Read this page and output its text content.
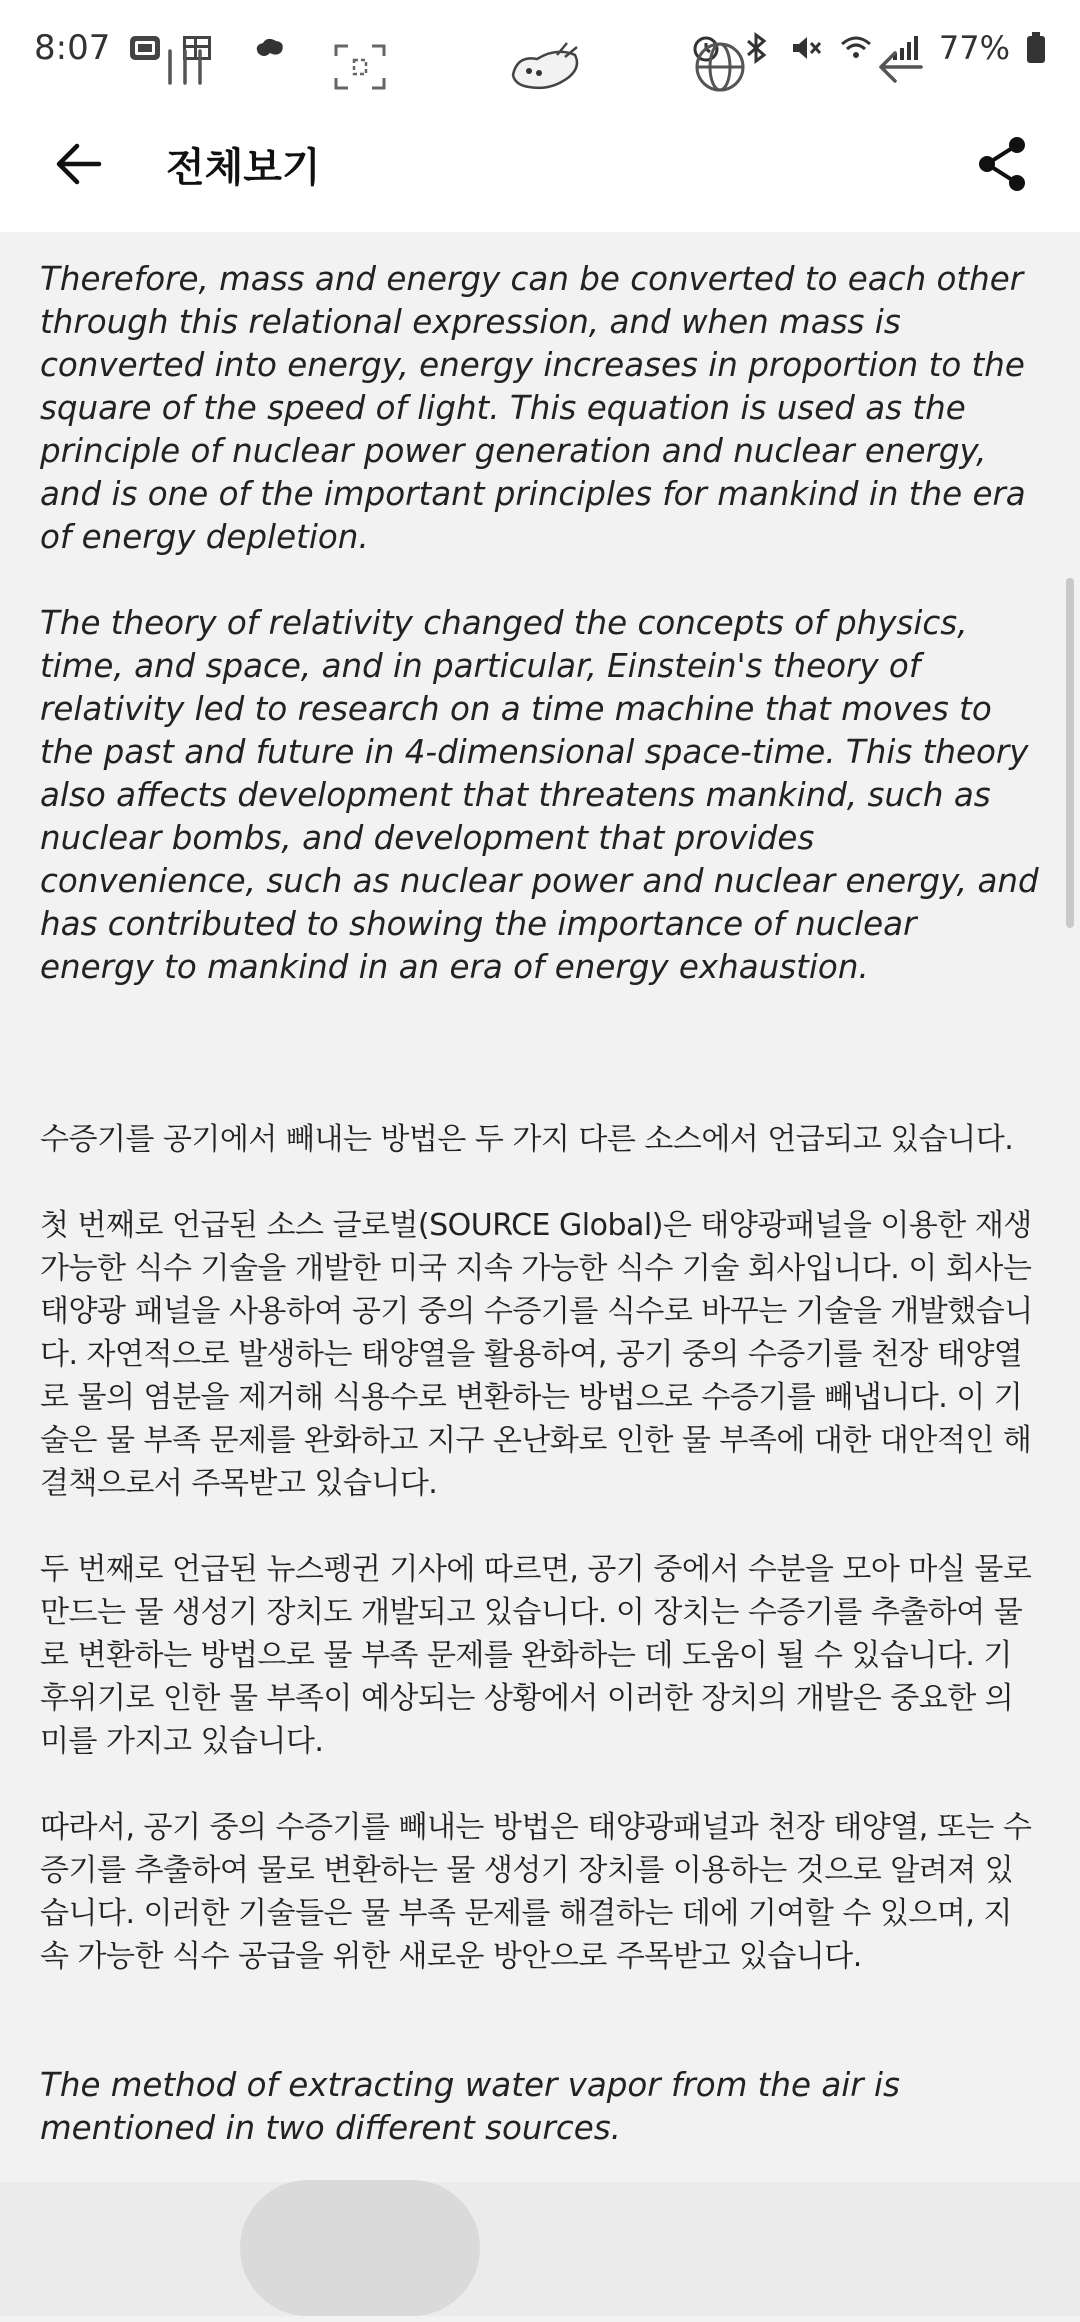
8:07	77%
전체보기

Therefore, mass and energy can be converted to each other through this relational expression, and when mass is converted into energy, energy increases in proportion to the square of the speed of light. This equation is used as the principle of nuclear power generation and nuclear energy, and is one of the important principles for mankind in the era of energy depletion.

The theory of relativity changed the concepts of physics, time, and space, and in particular, Einstein's theory of relativity led to research on a time machine that moves to the past and future in 4-dimensional space-time. This theory also affects development that threatens mankind, such as nuclear bombs, and development that provides convenience, such as nuclear power and nuclear energy, and has contributed to showing the importance of nuclear energy to mankind in an era of energy exhaustion.

수증기를 공기에서 빼내는 방법은 두 가지 다른 소스에서 언급되고 있습니다.

첫 번째로 언급된 소스 글로벌(SOURCE Global)은 태양광패널을 이용한 재생 가능한 식수 기술을 개발한 미국 지속 가능한 식수 기술 회사입니다. 이 회사는 태양광 패널을 사용하여 공기 중의 수증기를 식수로 바꾸는 기술을 개발했습니다. 자연적으로 발생하는 태양열을 활용하여, 공기 중의 수증기를 천장 태양열로 물의 염분을 제거해 식용수로 변환하는 방법으로 수증기를 빼냅니다. 이 기술은 물 부족 문제를 완화하고 지구 온난화로 인한 물 부족에 대한 대안적인 해결책으로서 주목받고 있습니다.

두 번째로 언급된 뉴스펭귄 기사에 따르면, 공기 중에서 수분을 모아 마실 물로 만드는 물 생성기 장치도 개발되고 있습니다. 이 장치는 수증기를 추출하여 물로 변환하는 방법으로 물 부족 문제를 완화하는 데 도움이 될 수 있습니다. 기후위기로 인한 물 부족이 예상되는 상황에서 이러한 장치의 개발은 중요한 의미를 가지고 있습니다.

따라서, 공기 중의 수증기를 빼내는 방법은 태양광패널과 천장 태양열, 또는 수증기를 추출하여 물로 변환하는 물 생성기 장치를 이용하는 것으로 알려져 있습니다. 이러한 기술들은 물 부족 문제를 해결하는 데에 기여할 수 있으며, 지속 가능한 식수 공급을 위한 새로운 방안으로 주목받고 있습니다.

The method of extracting water vapor from the air is mentioned in two different sources.
